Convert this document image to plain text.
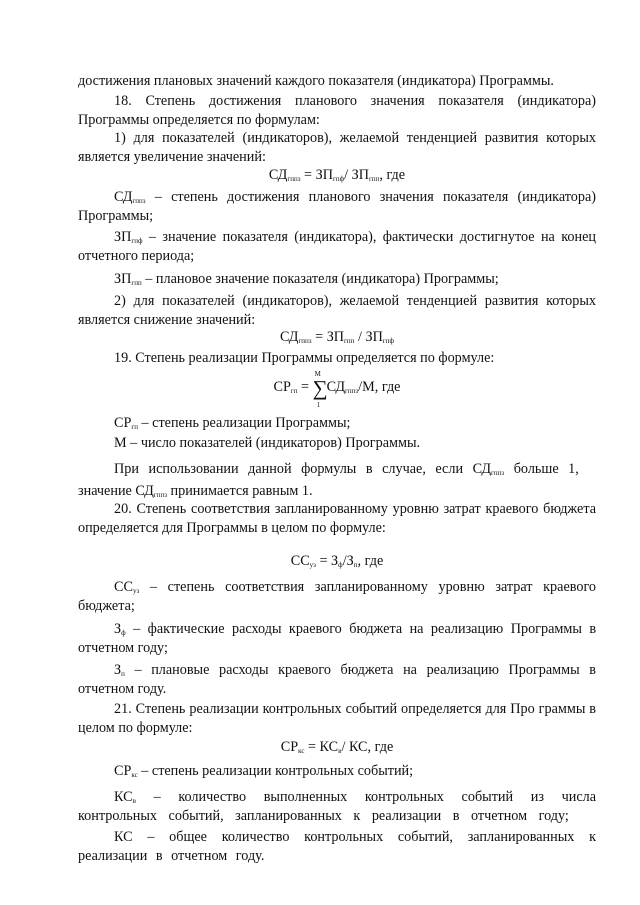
достижения плановых значений каждого показателя (индикатора) Программы.

18. Степень достижения планового значения показателя (индикатора) Программы определяется по формулам:

1) для показателей (индикаторов), желаемой тенденцией развития которых является увеличение значений:

$СД_{гппз} = ЗП_{гпф}/$ $ЗП_{гпп}$, где

$СД_{гппз}$ – степень достижения планового значения показателя (индикатора) Программы;

$ЗП_{гпф}$ – значение показателя (индикатора), фактически достигнутое на конец отчетного периода;

$ЗП_{гпп}$ – плановое значение показателя (индикатора) Программы;

2) для показателей (индикаторов), желаемой тенденцией развития которых является снижение значений:

$СД_{гппз} = ЗП_{гпп} / ЗП_{гпф}$

19. Степень реализации Программы определяется по формуле:

$СР_{гп}$ =
М
∑
1
$СД_{гппз}/М$, где

$СР_{гп}$ – степень реализации Программы;

М – число показателей (индикаторов) Программы.

При использовании данной формулы в случае, если $СД_{гппз}$ больше 1,

значение $СД_{гппз}$ принимается равным 1.

20. Степень соответствия запланированному уровню затрат краевого бюджета определяется для Программы в целом по формуле:

$СС_{уз} = З_ф/З_п$, где

$СС_{уз}$ – степень соответствия запланированному уровню затрат краевого бюджета;

$З_ф$ – фактические расходы краевого бюджета на реализацию Программы в отчетном году;

$З_п$ – плановые расходы краевого бюджета на реализацию Программы в отчетном году.

21. Степень реализации контрольных событий определяется для Про граммы в целом по формуле:

$СР_{кс} = КС_в/$ КС, где

$СР_{кс}$ – степень реализации контрольных событий;

$КС_в$ – количество выполненных контрольных событий из числа контрольных событий, запланированных к реализации в отчетном году;

КС – общее количество контрольных событий, запланированных к реализации в отчетном году.
